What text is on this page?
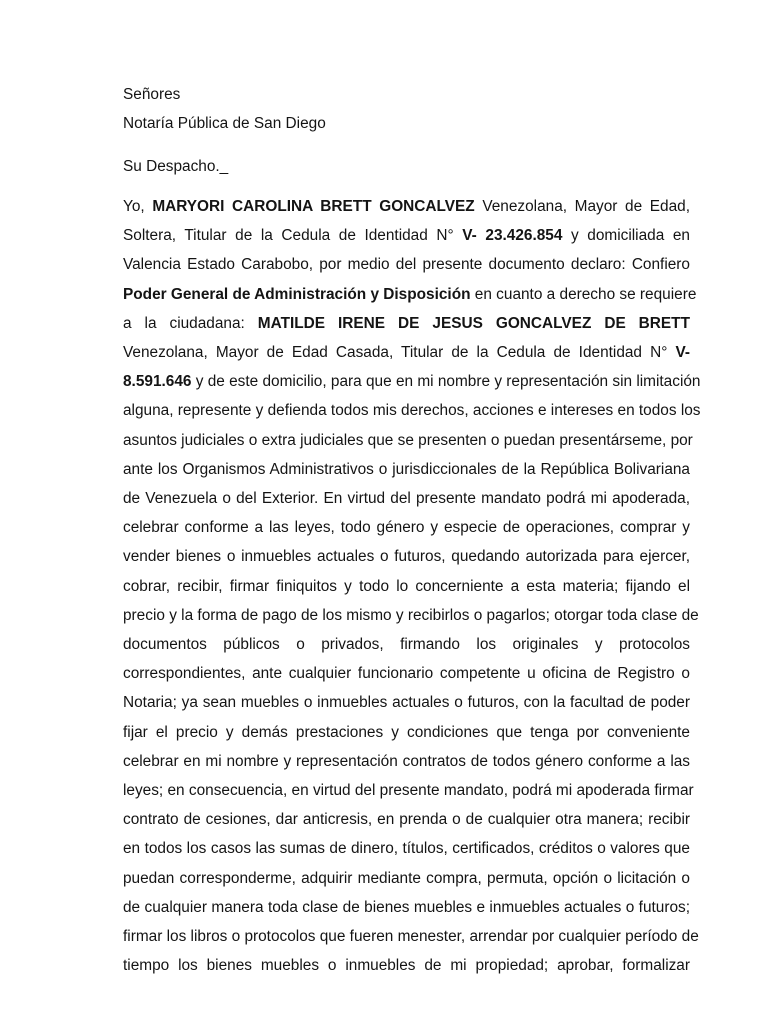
Señores
Notaría Pública de San Diego
Su Despacho._
Yo, MARYORI CAROLINA BRETT GONCALVEZ Venezolana, Mayor de Edad,
Soltera, Titular de la Cedula de Identidad N° V- 23.426.854 y domiciliada en
Valencia Estado Carabobo, por medio del presente documento declaro: Confiero
Poder General de Administración y Disposición en cuanto a derecho se requiere
a la ciudadana: MATILDE IRENE DE JESUS GONCALVEZ DE BRETT
Venezolana, Mayor de Edad Casada, Titular de la Cedula de Identidad N° V-
8.591.646 y de este domicilio, para que en mi nombre y representación sin limitación
alguna, represente y defienda todos mis derechos, acciones e intereses en todos los
asuntos judiciales o extra judiciales que se presenten o puedan presentárseme, por
ante los Organismos Administrativos o jurisdiccionales de la República Bolivariana
de Venezuela o del Exterior. En virtud del presente mandato podrá mi apoderada,
celebrar conforme a las leyes, todo género y especie de operaciones, comprar y
vender bienes o inmuebles actuales o futuros, quedando autorizada para ejercer,
cobrar, recibir, firmar finiquitos y todo lo concerniente a esta materia; fijando el
precio y la forma de pago de los mismo y recibirlos o pagarlos; otorgar toda clase de
documentos públicos o privados, firmando los originales y protocolos
correspondientes, ante cualquier funcionario competente u oficina de Registro o
Notaria; ya sean muebles o inmuebles actuales o futuros, con la facultad de poder
fijar el precio y demás prestaciones y condiciones que tenga por conveniente
celebrar en mi nombre y representación contratos de todos género conforme a las
leyes; en consecuencia, en virtud del presente mandato, podrá mi apoderada firmar
contrato de cesiones, dar anticresis, en prenda o de cualquier otra manera; recibir
en todos los casos las sumas de dinero, títulos, certificados, créditos o valores que
puedan corresponderme, adquirir mediante compra, permuta, opción o licitación o
de cualquier manera toda clase de bienes muebles e inmuebles actuales o futuros;
firmar los libros o protocolos que fueren menester, arrendar por cualquier período de
tiempo los bienes muebles o inmuebles de mi propiedad; aprobar, formalizar
